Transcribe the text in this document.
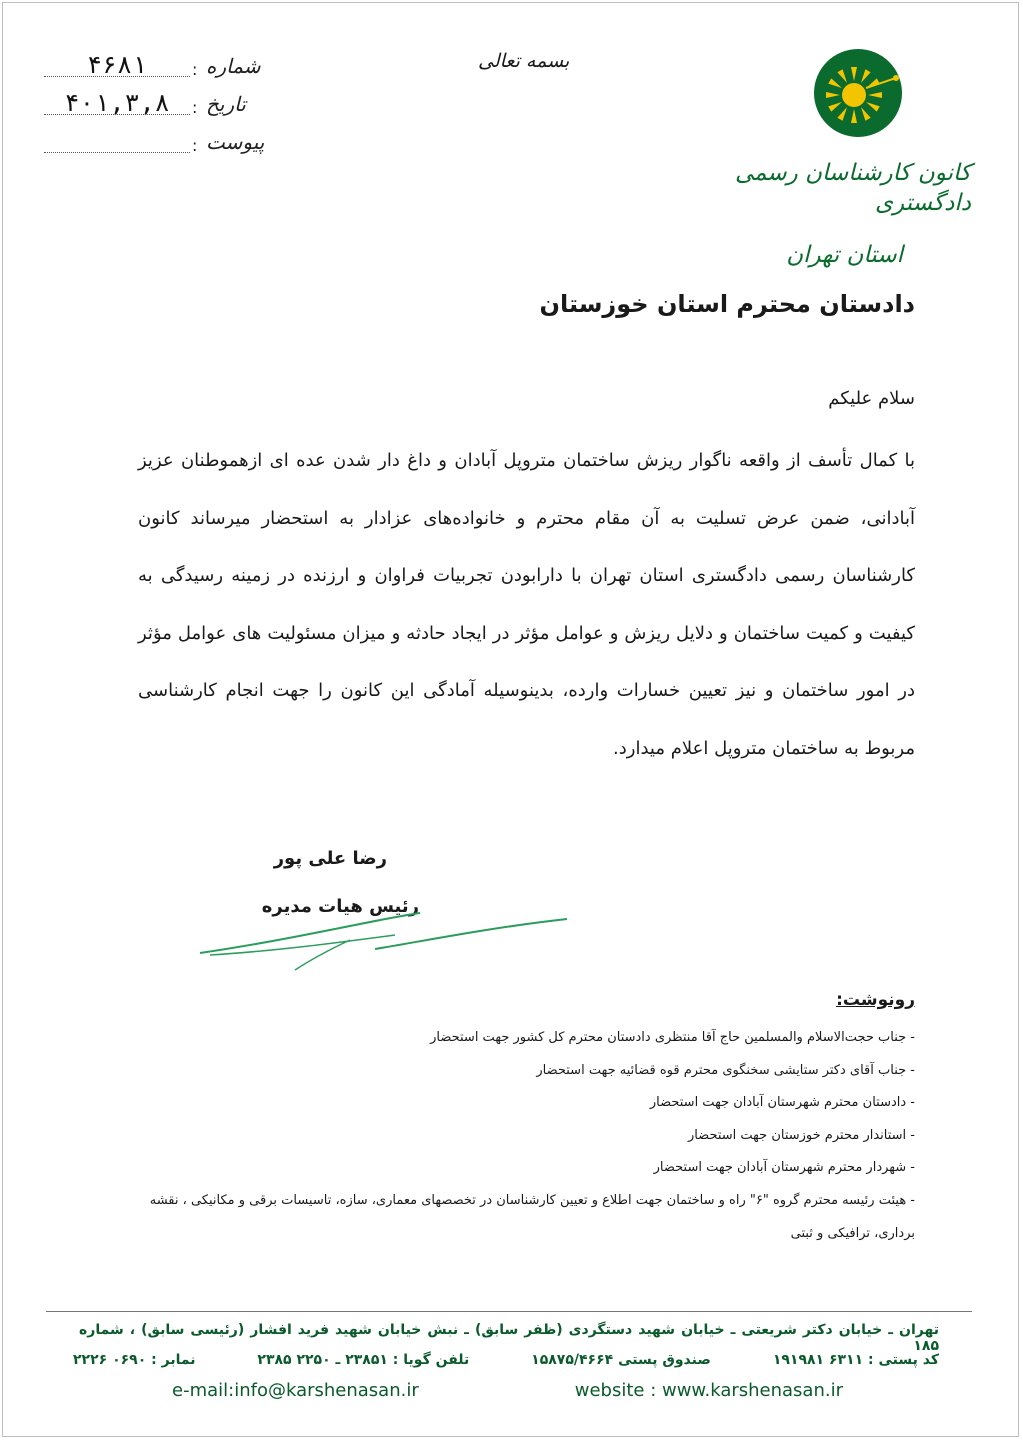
کانون کارشناسان رسمی دادگستری
استان تهران
بسمه تعالی
۴۶۸۱	: شماره
۴۰۱,۳,۸	: تاریخ
: پیوست
دادستان محترم استان خوزستان
سلام علیکم
با کمال تأسف از واقعه ناگوار ریزش ساختمان متروپل آبادان و داغ دار شدن عده ای ازهموطنان عزیز آبادانی، ضمن عرض تسلیت به آن مقام محترم و خانواده‌های عزادار به استحضار میرساند کانون کارشناسان رسمی دادگستری استان تهران با دارابودن تجربیات فراوان و ارزنده در زمینه رسیدگی به کیفیت و کمیت ساختمان و دلایل ریزش و عوامل مؤثر در ایجاد حادثه و میزان مسئولیت های عوامل مؤثر در امور ساختمان و نیز تعیین خسارات وارده، بدینوسیله آمادگی این کانون را جهت انجام کارشناسی مربوط به ساختمان متروپل اعلام میدارد.
رضا علی پور
رئیس هیات مدیره
رونوشت:
- جناب حجت‌الاسلام والمسلمین حاج آقا منتظری دادستان محترم کل کشور جهت استحضار
- جناب آقای دکتر ستایشی سخنگوی محترم قوه قضائیه جهت استحضار
- دادستان محترم شهرستان آبادان جهت استحضار
- استاندار محترم خوزستان جهت استحضار
- شهردار محترم شهرستان آبادان جهت استحضار
- هیئت رئیسه محترم گروه "۶" راه و ساختمان جهت اطلاع و تعیین کارشناسان در تخصصهای معماری، سازه، تاسیسات برقی و مکانیکی ، نقشه برداری، ترافیکی و ثبتی
تهران ـ خیابان دکتر شریعتی ـ خیابان شهید دستگردی (ظفر سابق) ـ نبش خیابان شهید فرید افشار (رئیسی سابق) ، شماره ۱۸۵
کد پستی : ۶۳۱۱ ۱۹۱۹۸۱
صندوق پستی ۱۵۸۷۵/۴۶۶۴
تلفن گویا : ۲۳۸۵۱ ـ ۲۲۵۰ ۲۳۸۵
نمابر : ۰۶۹۰ ۲۲۲۶
website : www.karshenasan.ir
e-mail:info@karshenasan.ir
